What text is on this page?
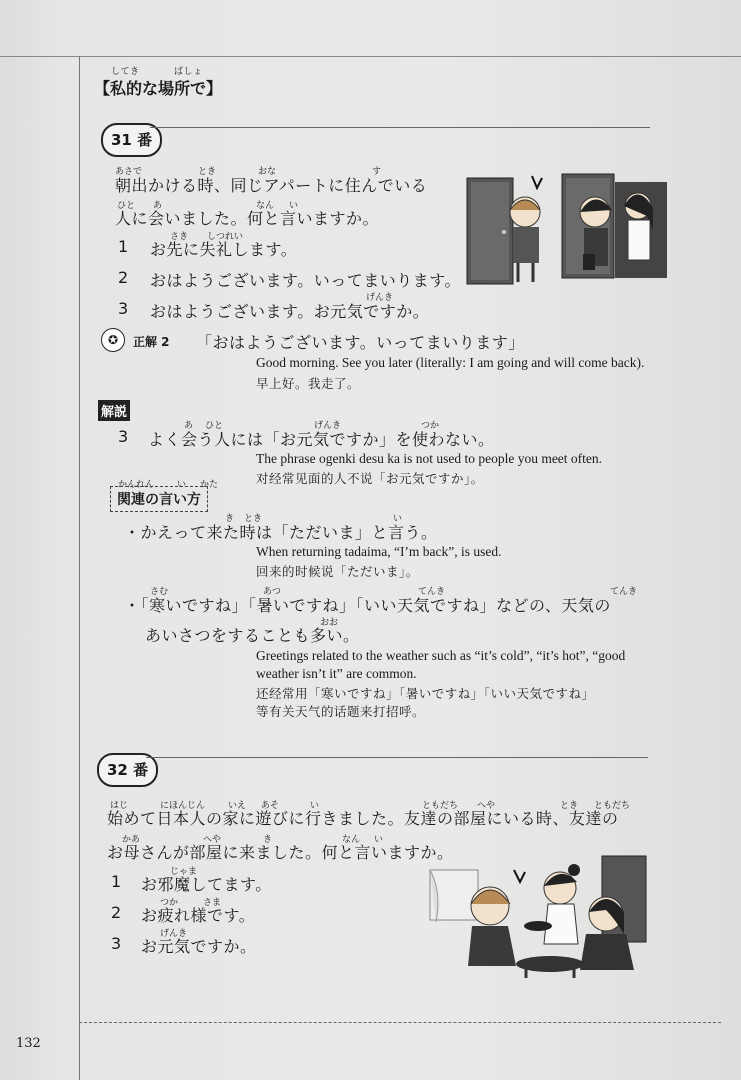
132
してき	ばしょ
【私的な場所で】
31 番
あさで	とき	おな	す
朝出かける時、同じアパートに住んでいる
ひと あ	なん い
人に会いました。何と言いますか。
さき しつれい
1 お先に失礼します。
2 おはようございます。いってまいります。
げんき
3 おはようございます。お元気ですか。
✪	正解 2 「おはようございます。いってまいります」
Good morning. See you later (literally: I am going and will come back).
早上好。我走了。
解説
あ ひと	げんき	つか
3 よく会う人には「お元気ですか」を使わない。
The phrase ogenki desu ka is not used to people you meet often.
对经常见面的人不说「お元気ですか」。
かんれん	い かた
関連の言い方
き とき	い
・かえって来た時は「ただいま」と言う。
When returning tadaima, “I’m back”, is used.
回来的时候说「ただいま」。
さむ	あつ	てんき	てんき
・「寒いですね」「暑いですね」「いい天気ですね」などの、天気の
おお
あいさつをすることも多い。
Greetings related to the weather such as “it’s cold”, “it’s hot”, “good
weather isn’t it” are common.
还经常用「寒いですね」「暑いですね」「いい天気ですね」
等有关天气的话题来打招呼。
32 番
はじ	にほんじん	いえ あそ	い	ともだち へや	とき ともだち
始めて日本人の家に遊びに行きました。友達の部屋にいる時、友達の
かあ	へや	き	なん い
お母さんが部屋に来ました。何と言いますか。
じゃま
1 お邪魔してます。
つか	さま
2 お疲れ様です。
げんき
3 お元気ですか。
